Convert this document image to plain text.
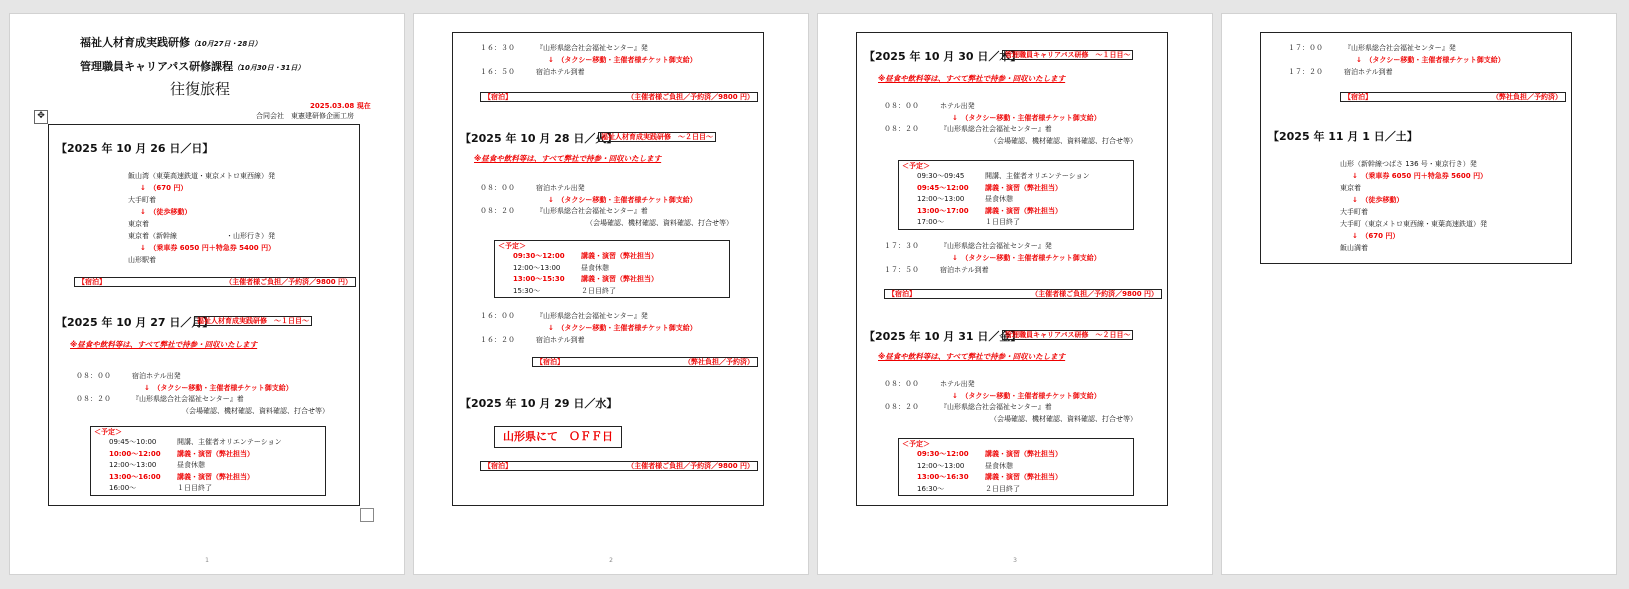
福祉人材育成実践研修（10月27日・28日）
管理職員キャリアパス研修課程（10月30日・31日）
往復旅程
2025.03.08 現在
合同会社　東憲建研修企画工房
✥
【2025 年 10 月 26 日／日】
【宿泊】	（主催者様ご負担／予約済／9800 円）
【2025 年 10 月 27 日／月】
福祉人材育成実践研修　～１日目～
※昼食や飲料等は、すべて弊社で持参・回収いたします
＜予定＞
09:45〜10:00	開講、主催者オリエンテーション
10:00〜12:00 講義・演習（弊社担当）
12:00〜13:00	昼食休憩
13:00〜16:00 講義・演習（弊社担当）
16:00〜	１日目終了
1
飯山湾（東葉高速鉄道・東京メトロ東西線）発
↓　（670 円）
大手町着
↓　（徒歩移動）
東京着
東京着（新幹線　　　　　　　・山形行き）発
↓　（乗車券 6050 円＋特急券 5400 円）
山形駅着
０８：００	宿泊ホテル出発
↓　（タクシー移動・主催者様チケット御支給）
０８：２０	『山形県総合社会福祉センター』着
（会場確認、機材確認、資料確認、打合せ等）
【宿泊】	（主催者様ご負担／予約済／9800 円）
【2025 年 10 月 28 日／火】
福祉人材育成実践研修　～２日目～
※昼食や飲料等は、すべて弊社で持参・回収いたします
＜予定＞
09:30〜12:00 講義・演習（弊社担当）
12:00〜13:00	昼食休憩
13:00〜15:30 講義・演習（弊社担当）
15:30〜	２日目終了
【宿泊】	（弊社負担／予約済）
【2025 年 10 月 29 日／水】
山形県にて　ＯＦＦ日
【宿泊】	（主催者様ご負担／予約済／9800 円）
2
１６：３０	『山形県総合社会福祉センター』発
↓　（タクシー移動・主催者様チケット御支給）
１６：５０	宿泊ホテル到着
０８：００	宿泊ホテル出発
↓　（タクシー移動・主催者様チケット御支給）
０８：２０	『山形県総合社会福祉センター』着
（会場確認、機材確認、資料確認、打合せ等）
１６：００	『山形県総合社会福祉センター』発
↓　（タクシー移動・主催者様チケット御支給）
１６：２０	宿泊ホテル到着
【2025 年 10 月 30 日／木】
管理職員キャリアパス研修　～１日目～
※昼食や飲料等は、すべて弊社で持参・回収いたします
＜予定＞
09:30〜09:45	開講、主催者オリエンテーション
09:45〜12:00 講義・演習（弊社担当）
12:00〜13:00	昼食休憩
13:00〜17:00 講義・演習（弊社担当）
17:00〜	１日目終了
【宿泊】	（主催者様ご負担／予約済／9800 円）
【2025 年 10 月 31 日／金】
管理職員キャリアパス研修　～２日目～
※昼食や飲料等は、すべて弊社で持参・回収いたします
＜予定＞
09:30〜12:00 講義・演習（弊社担当）
12:00〜13:00	昼食休憩
13:00〜16:30 講義・演習（弊社担当）
16:30〜	２日目終了
3
０８：００	ホテル出発
↓　（タクシー移動・主催者様チケット御支給）
０８：２０	『山形県総合社会福祉センター』着
（会場確認、機材確認、資料確認、打合せ等）
１７：３０	『山形県総合社会福祉センター』発
↓　（タクシー移動・主催者様チケット御支給）
１７：５０	宿泊ホテル到着
０８：００	ホテル出発
↓　（タクシー移動・主催者様チケット御支給）
０８：２０	『山形県総合社会福祉センター』着
（会場確認、機材確認、資料確認、打合せ等）
【宿泊】	（弊社負担／予約済）
【2025 年 11 月 1 日／土】
１７：００	『山形県総合社会福祉センター』発
↓　（タクシー移動・主催者様チケット御支給）
１７：２０	宿泊ホテル到着
山形（新幹線つばさ 136 号・東京行き）発
↓　（乗車券 6050 円＋特急券 5600 円）
東京着
↓　（徒歩移動）
大手町着
大手町（東京メトロ東西線・東葉高速鉄道）発
↓　（670 円）
飯山満着
